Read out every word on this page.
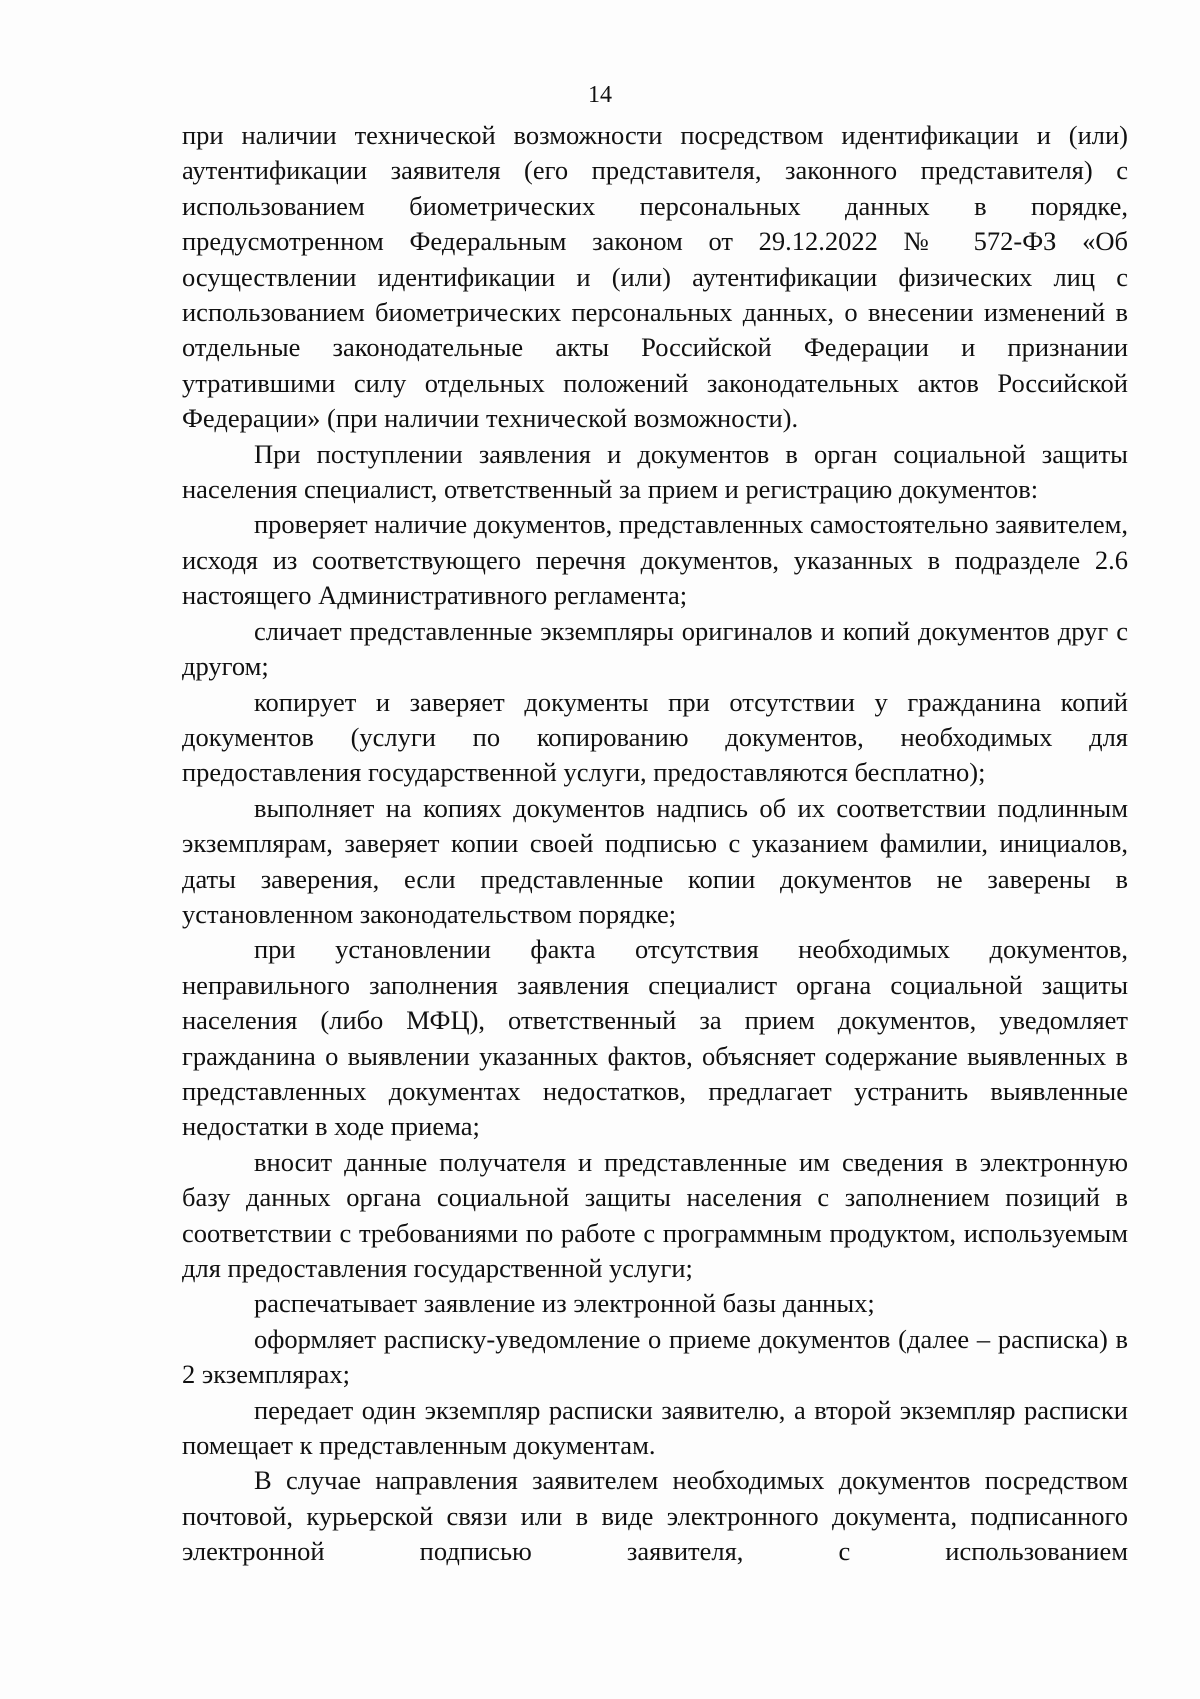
14

при наличии технической возможности посредством идентификации и (или) аутентификации заявителя (его представителя, законного представителя) с использованием биометрических персональных данных в порядке, предусмотренном Федеральным законом от 29.12.2022 № 572-ФЗ «Об осуществлении идентификации и (или) аутентификации физических лиц с использованием биометрических персональных данных, о внесении изменений в отдельные законодательные акты Российской Федерации и признании утратившими силу отдельных положений законодательных актов Российской Федерации» (при наличии технической возможности).

При поступлении заявления и документов в орган социальной защиты населения специалист, ответственный за прием и регистрацию документов:

проверяет наличие документов, представленных самостоятельно заявителем, исходя из соответствующего перечня документов, указанных в подразделе 2.6 настоящего Административного регламента;

сличает представленные экземпляры оригиналов и копий документов друг с другом;

копирует и заверяет документы при отсутствии у гражданина копий документов (услуги по копированию документов, необходимых для предоставления государственной услуги, предоставляются бесплатно);

выполняет на копиях документов надпись об их соответствии подлинным экземплярам, заверяет копии своей подписью с указанием фамилии, инициалов, даты заверения, если представленные копии документов не заверены в установленном законодательством порядке;

при установлении факта отсутствия необходимых документов, неправильного заполнения заявления специалист органа социальной защиты населения (либо МФЦ), ответственный за прием документов, уведомляет гражданина о выявлении указанных фактов, объясняет содержание выявленных в представленных документах недостатков, предлагает устранить выявленные недостатки в ходе приема;

вносит данные получателя и представленные им сведения в электронную базу данных органа социальной защиты населения с заполнением позиций в соответствии с требованиями по работе с программным продуктом, используемым для предоставления государственной услуги;

распечатывает заявление из электронной базы данных;

оформляет расписку-уведомление о приеме документов (далее – расписка) в 2 экземплярах;

передает один экземпляр расписки заявителю, а второй экземпляр расписки помещает к представленным документам.

В случае направления заявителем необходимых документов посредством почтовой, курьерской связи или в виде электронного документа, подписанного электронной подписью заявителя, с использованием
